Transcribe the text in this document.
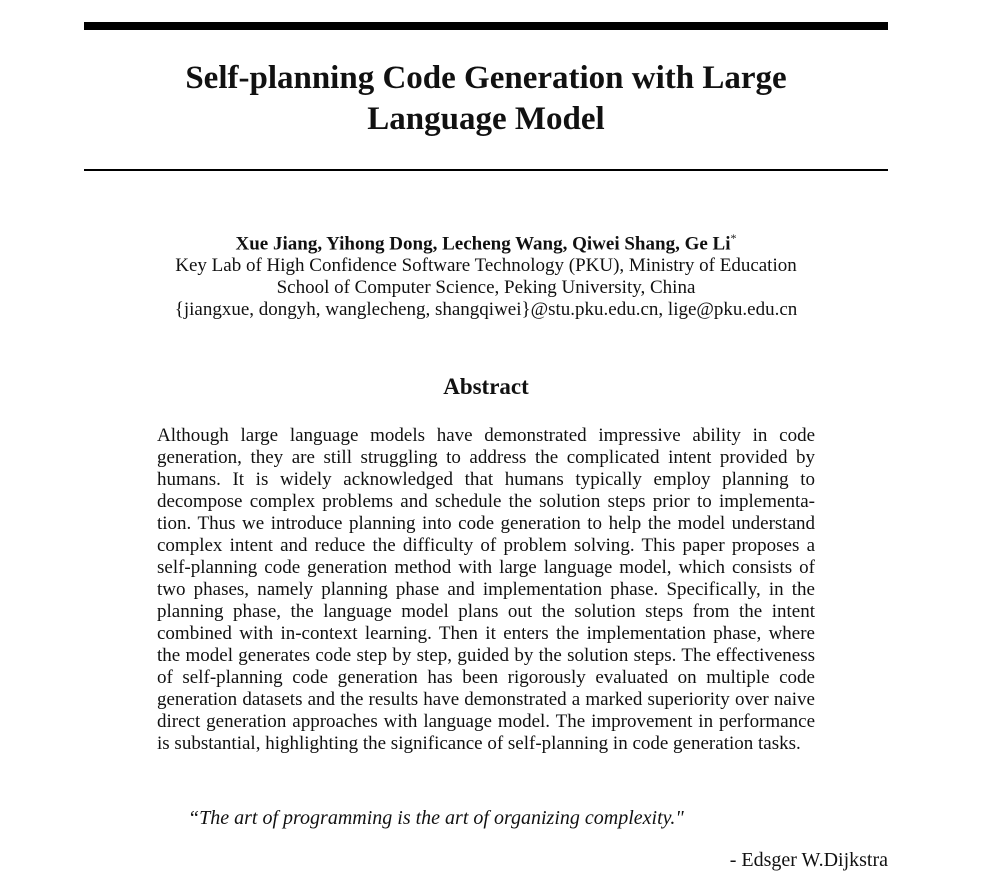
Self-planning Code Generation with Large
Language Model
Xue Jiang, Yihong Dong, Lecheng Wang, Qiwei Shang, Ge Li*
Key Lab of High Confidence Software Technology (PKU), Ministry of Education
School of Computer Science, Peking University, China
{jiangxue, dongyh, wanglecheng, shangqiwei}@stu.pku.edu.cn, lige@pku.edu.cn
Abstract
Although large language models have demonstrated impressive ability in code generation, they are still struggling to address the complicated intent provided by humans. It is widely acknowledged that humans typically employ planning to decompose complex problems and schedule the solution steps prior to implementation. Thus we introduce planning into code generation to help the model understand complex intent and reduce the difficulty of problem solving. This paper proposes a self-planning code generation method with large language model, which consists of two phases, namely planning phase and implementation phase. Specifically, in the planning phase, the language model plans out the solution steps from the intent combined with in-context learning. Then it enters the implementation phase, where the model generates code step by step, guided by the solution steps. The effectiveness of self-planning code generation has been rigorously evaluated on multiple code generation datasets and the results have demonstrated a marked superiority over naive direct generation approaches with language model. The improvement in performance is substantial, highlighting the significance of self-planning in code generation tasks.
“The art of programming is the art of organizing complexity."
- Edsger W.Dijkstra
